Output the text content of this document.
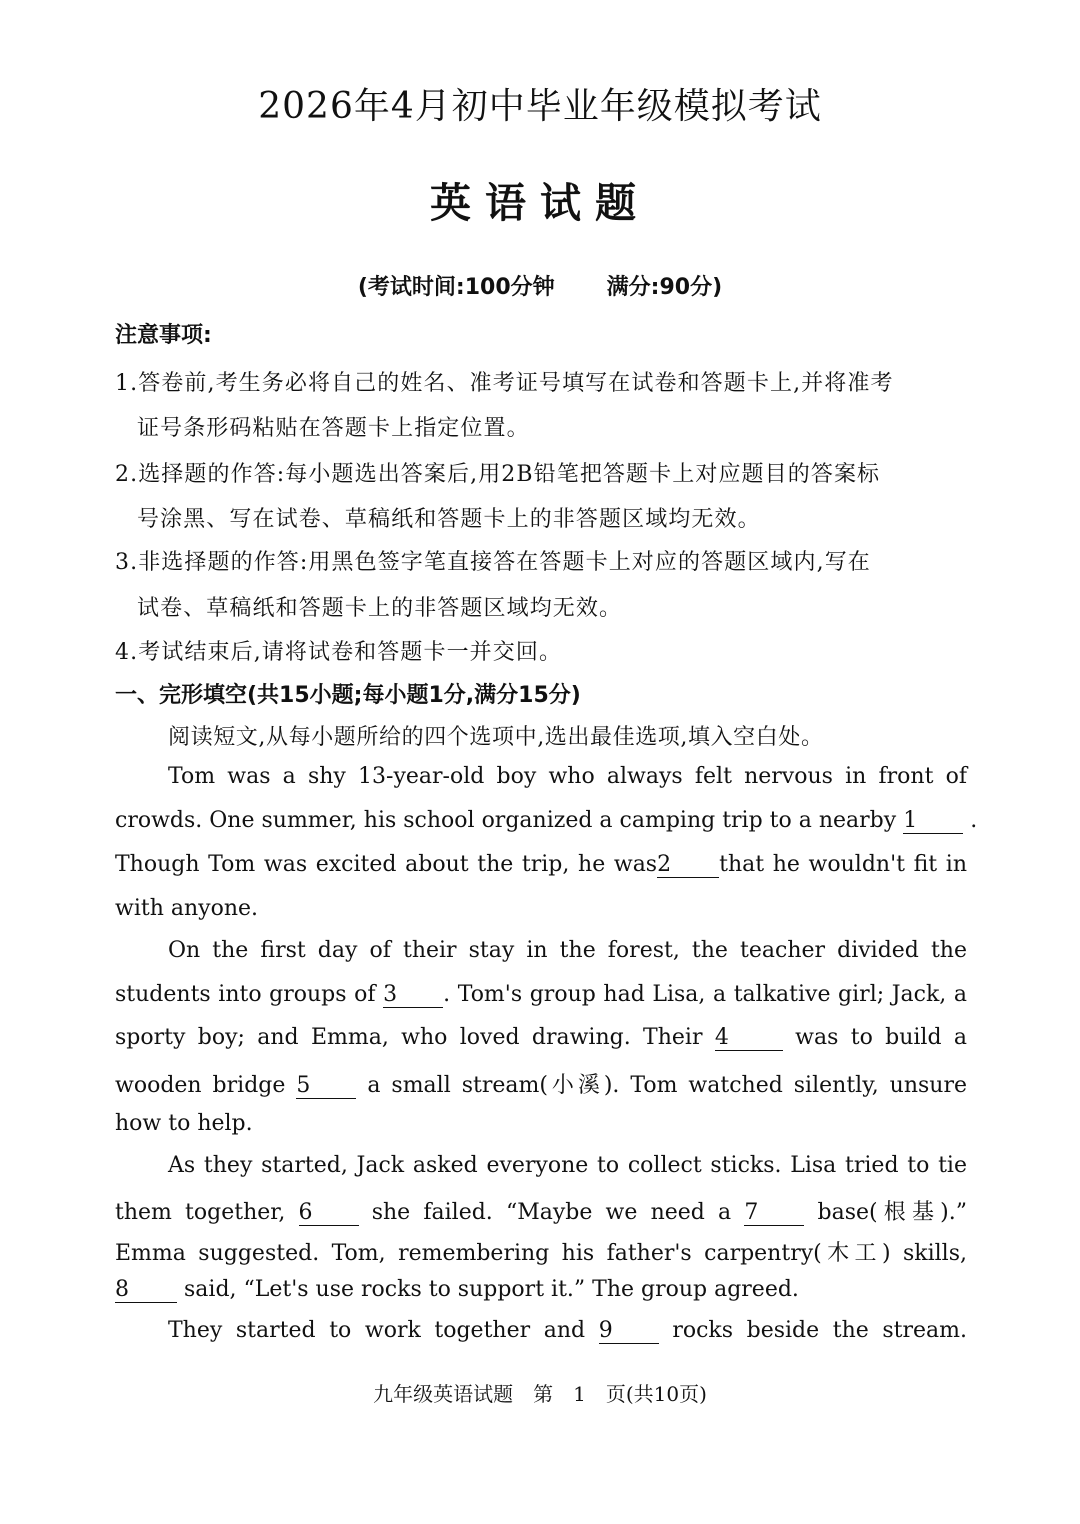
2026年4月初中毕业年级模拟考试
英语试题
(考试时间:100分钟 满分:90分)
注意事项:
1.答卷前,考生务必将自己的姓名、准考证号填写在试卷和答题卡上,并将准考
证号条形码粘贴在答题卡上指定位置。
2.选择题的作答:每小题选出答案后,用2B铅笔把答题卡上对应题目的答案标
号涂黑、写在试卷、草稿纸和答题卡上的非答题区域均无效。
3.非选择题的作答:用黑色签字笔直接答在答题卡上对应的答题区域内,写在
试卷、草稿纸和答题卡上的非答题区域均无效。
4.考试结束后,请将试卷和答题卡一并交回。
一、完形填空(共15小题;每小题1分,满分15分)
阅读短文,从每小题所给的四个选项中,选出最佳选项,填入空白处。
Tom was a shy 13-year-old boy who always felt nervous in front of
crowds. One summer, his school organized a camping trip to a nearby 1 .
Though Tom was excited about the trip, he was2 that he wouldn't fit in
with anyone.
On the first day of their stay in the forest, the teacher divided the
students into groups of 3 . Tom's group had Lisa, a talkative girl; Jack, a
sporty boy; and Emma, who loved drawing. Their 4	was to build a
wooden bridge 5	a small stream(小溪). Tom watched silently, unsure
how to help.
As they started, Jack asked everyone to collect sticks. Lisa tried to tie
them together, 6	she failed. “Maybe we need a 7	base(根基).”
Emma suggested. Tom, remembering his father's carpentry(木工) skills,
8	said, “Let's use rocks to support it.” The group agreed.
They started to work together and 9	rocks beside the stream.
九年级英语试题　第　1　页(共10页)
